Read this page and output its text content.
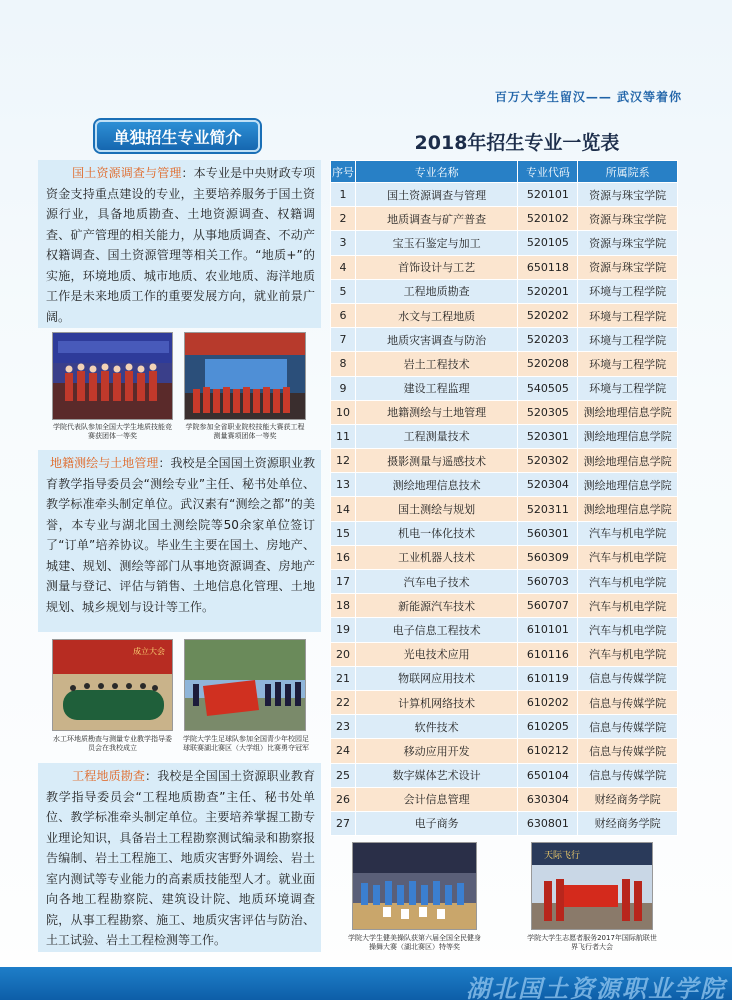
百万大学生留汉—— 武汉等着你
单独招生专业简介	2018年招生专业一览表
国土资源调查与管理：本专业是中央财政专项资金支持重点建设的专业，主要培养服务于国土资源行业，具备地质勘查、土地资源调查、权籍调查、矿产管理的相关能力，从事地质调查、不动产权籍调查、国土资源管理等相关工作。“地质+”的实施，环境地质、城市地质、农业地质、海洋地质工作是未来地质工作的重要发展方向，就业前景广阔。
学院代表队参加全国大学生地质技能竞赛获团体一等奖
学院参加全省职业院校技能大赛获工程测量赛项团体一等奖
地籍测绘与土地管理：我校是全国国土资源职业教育教学指导委员会“测绘专业”主任、秘书处单位、教学标准牵头制定单位。武汉素有“测绘之都”的美誉，本专业与湖北国土测绘院等50余家单位签订了“订单”培养协议。毕业生主要在国土、房地产、城建、规划、测绘等部门从事地资源调查、房地产测量与登记、评估与销售、土地信息化管理、土地规划、城乡规划与设计等工作。
成立大会
水工环地质勘查与测量专业教学指导委员会在我校成立
学院大学生足球队参加全国青少年校园足球联赛湖北赛区（大学组）比赛勇夺冠军
工程地质勘查：我校是全国国土资源职业教育教学指导委员会“工程地质勘查”主任、秘书处单位、教学标准牵头制定单位。主要培养掌握工勘专业理论知识，具备岩土工程勘察测试编录和勘察报告编制、岩土工程施工、地质灾害野外调绘、岩土室内测试等专业能力的高素质技能型人才。就业面向各地工程勘察院、建筑设计院、地质环境调查院，从事工程勘察、施工、地质灾害评估与防治、土工试验、岩土工程检测等工作。
序号	专业名称	专业代码	所属院系
1	国土资源调查与管理	520101	资源与珠宝学院
2	地质调查与矿产普查	520102	资源与珠宝学院
3	宝玉石鉴定与加工	520105	资源与珠宝学院
4	首饰设计与工艺	650118	资源与珠宝学院
5	工程地质勘查	520201	环境与工程学院
6	水文与工程地质	520202	环境与工程学院
7	地质灾害调查与防治	520203	环境与工程学院
8	岩土工程技术	520208	环境与工程学院
9	建设工程监理	540505	环境与工程学院
10	地籍测绘与土地管理	520305	测绘地理信息学院
11	工程测量技术	520301	测绘地理信息学院
12	摄影测量与遥感技术	520302	测绘地理信息学院
13	测绘地理信息技术	520304	测绘地理信息学院
14	国土测绘与规划	520311	测绘地理信息学院
15	机电一体化技术	560301	汽车与机电学院
16	工业机器人技术	560309	汽车与机电学院
17	汽车电子技术	560703	汽车与机电学院
18	新能源汽车技术	560707	汽车与机电学院
19	电子信息工程技术	610101	汽车与机电学院
20	光电技术应用	610116	汽车与机电学院
21	物联网应用技术	610119	信息与传媒学院
22	计算机网络技术	610202	信息与传媒学院
23	软件技术	610205	信息与传媒学院
24	移动应用开发	610212	信息与传媒学院
25	数字媒体艺术设计	650104	信息与传媒学院
26	会计信息管理	630304	财经商务学院
27	电子商务	630801	财经商务学院
天际飞行
学院大学生健美操队获第六届全国全民健身操舞大赛（湖北赛区）特等奖
学院大学生志愿者服务2017年国际航联世界飞行者大会
湖北国土资源职业学院
